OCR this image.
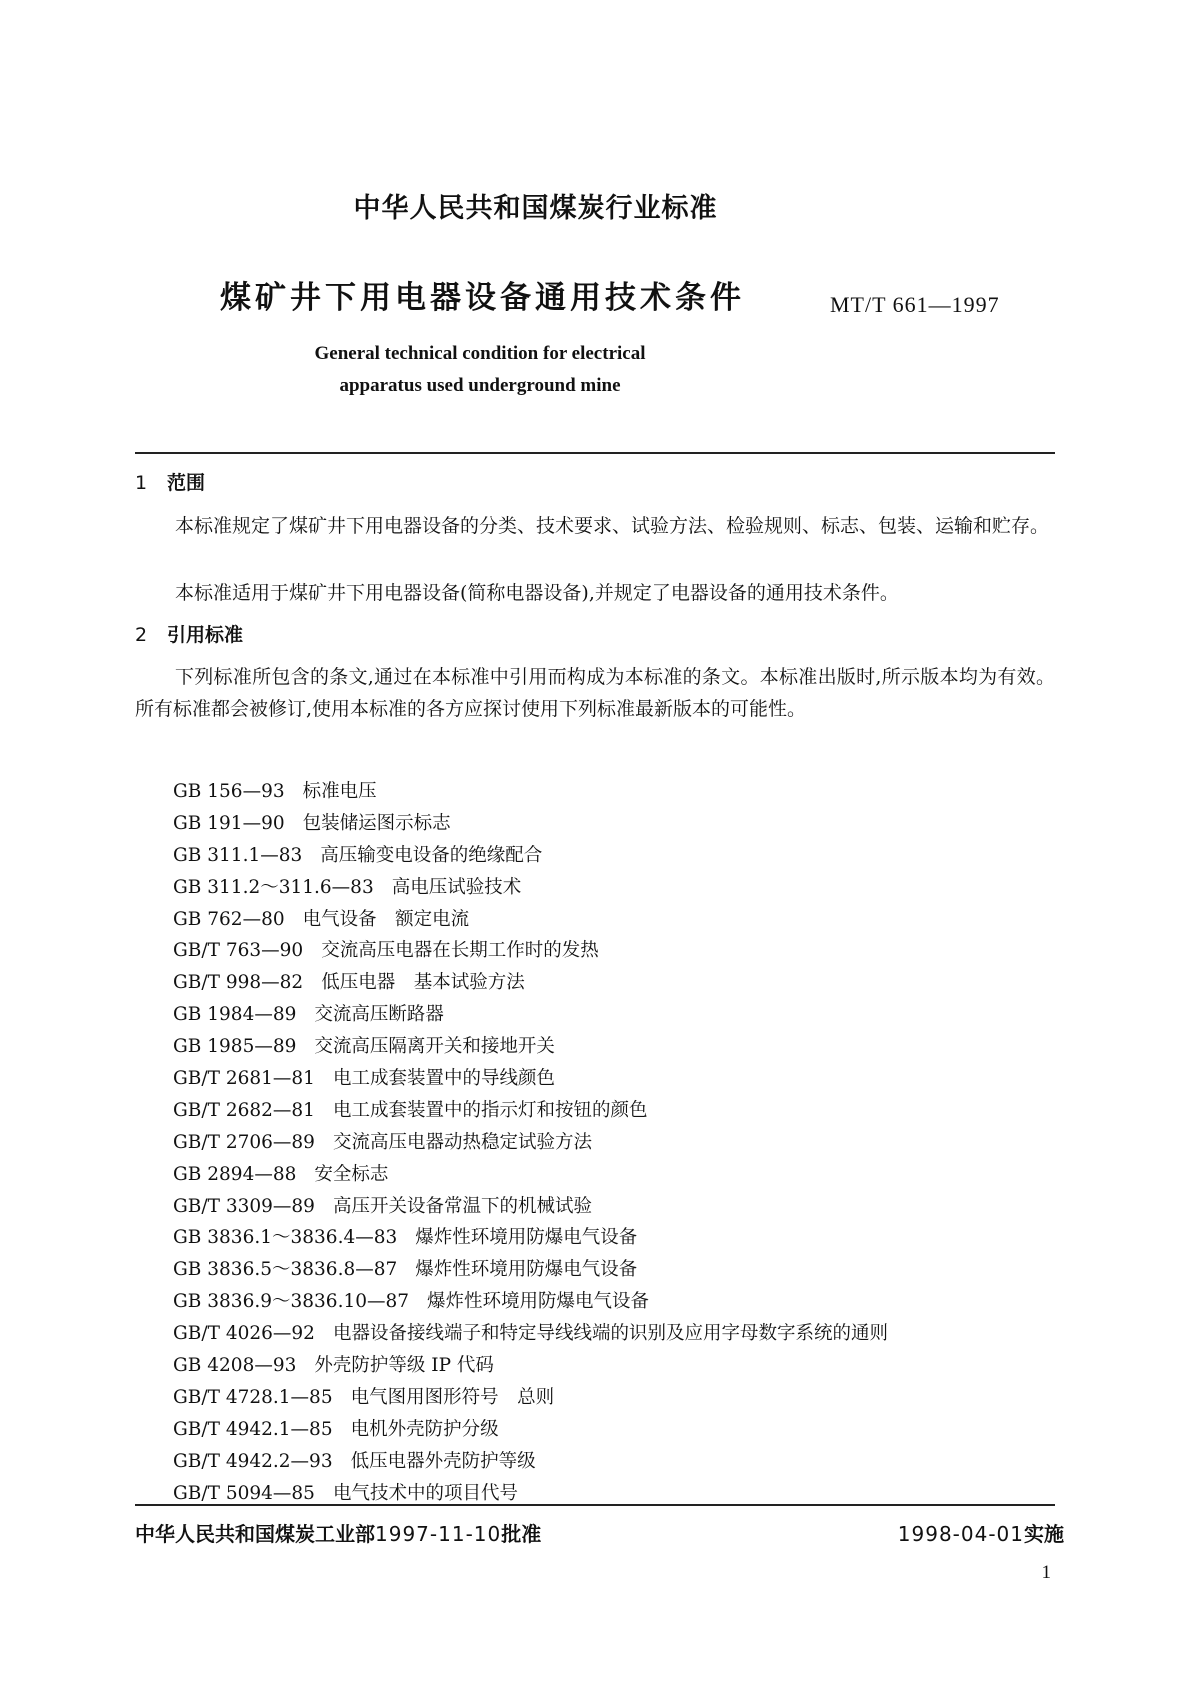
中华人民共和国煤炭行业标准
煤矿井下用电器设备通用技术条件	MT/T 661—1997
General technical condition for electrical
apparatus used underground mine
1 范围
本标准规定了煤矿井下用电器设备的分类、技术要求、试验方法、检验规则、标志、包装、运输和贮存。
本标准适用于煤矿井下用电器设备(简称电器设备),并规定了电器设备的通用技术条件。
2 引用标准
下列标准所包含的条文,通过在本标准中引用而构成为本标准的条文。本标准出版时,所示版本均为有效。所有标准都会被修订,使用本标准的各方应探讨使用下列标准最新版本的可能性。
GB 156—93 标准电压
GB 191—90 包装储运图示标志
GB 311.1—83 高压输变电设备的绝缘配合
GB 311.2～311.6—83 高电压试验技术
GB 762—80 电气设备　额定电流
GB/T 763—90 交流高压电器在长期工作时的发热
GB/T 998—82 低压电器　基本试验方法
GB 1984—89 交流高压断路器
GB 1985—89 交流高压隔离开关和接地开关
GB/T 2681—81 电工成套装置中的导线颜色
GB/T 2682—81 电工成套装置中的指示灯和按钮的颜色
GB/T 2706—89 交流高压电器动热稳定试验方法
GB 2894—88 安全标志
GB/T 3309—89 高压开关设备常温下的机械试验
GB 3836.1～3836.4—83 爆炸性环境用防爆电气设备
GB 3836.5～3836.8—87 爆炸性环境用防爆电气设备
GB 3836.9～3836.10—87 爆炸性环境用防爆电气设备
GB/T 4026—92 电器设备接线端子和特定导线线端的识别及应用字母数字系统的通则
GB 4208—93 外壳防护等级 IP 代码
GB/T 4728.1—85 电气图用图形符号　总则
GB/T 4942.1—85 电机外壳防护分级
GB/T 4942.2—93 低压电器外壳防护等级
GB/T 5094—85 电气技术中的项目代号
中华人民共和国煤炭工业部1997-11-10批准	1998-04-01实施
1
